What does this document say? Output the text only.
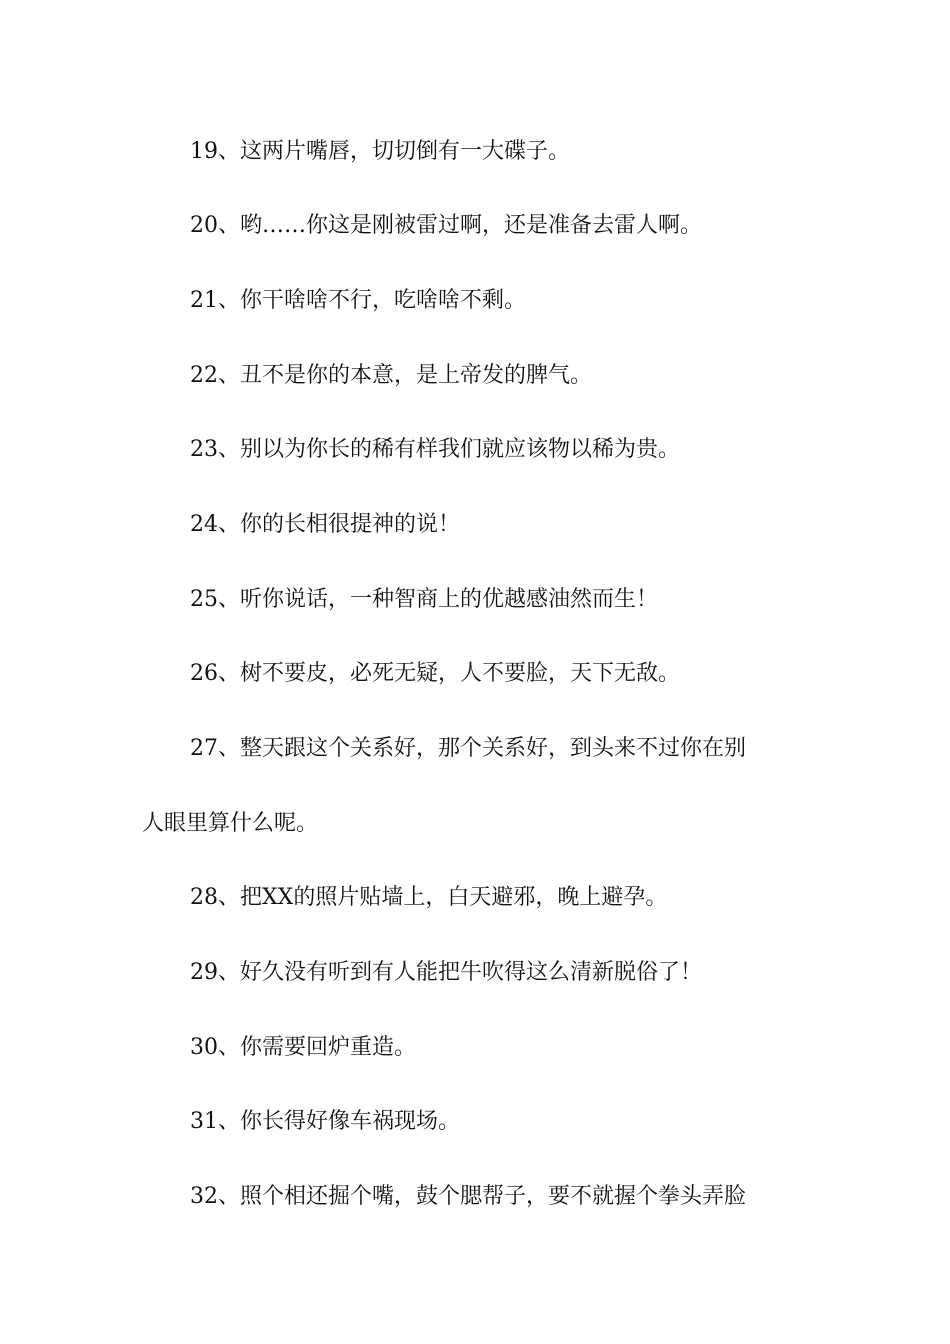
19、这两片嘴唇，切切倒有一大碟子。
20、哟……你这是刚被雷过啊，还是准备去雷人啊。
21、你干啥啥不行，吃啥啥不剩。
22、丑不是你的本意，是上帝发的脾气。
23、别以为你长的稀有样我们就应该物以稀为贵。
24、你的长相很提神的说！
25、听你说话，一种智商上的优越感油然而生！
26、树不要皮，必死无疑，人不要脸，天下无敌。
27、整天跟这个关系好，那个关系好，到头来不过你在别
人眼里算什么呢。
28、把XX的照片贴墙上，白天避邪，晚上避孕。
29、好久没有听到有人能把牛吹得这么清新脱俗了！
30、你需要回炉重造。
31、你长得好像车祸现场。
32、照个相还掘个嘴，鼓个腮帮子，要不就握个拳头弄脸
